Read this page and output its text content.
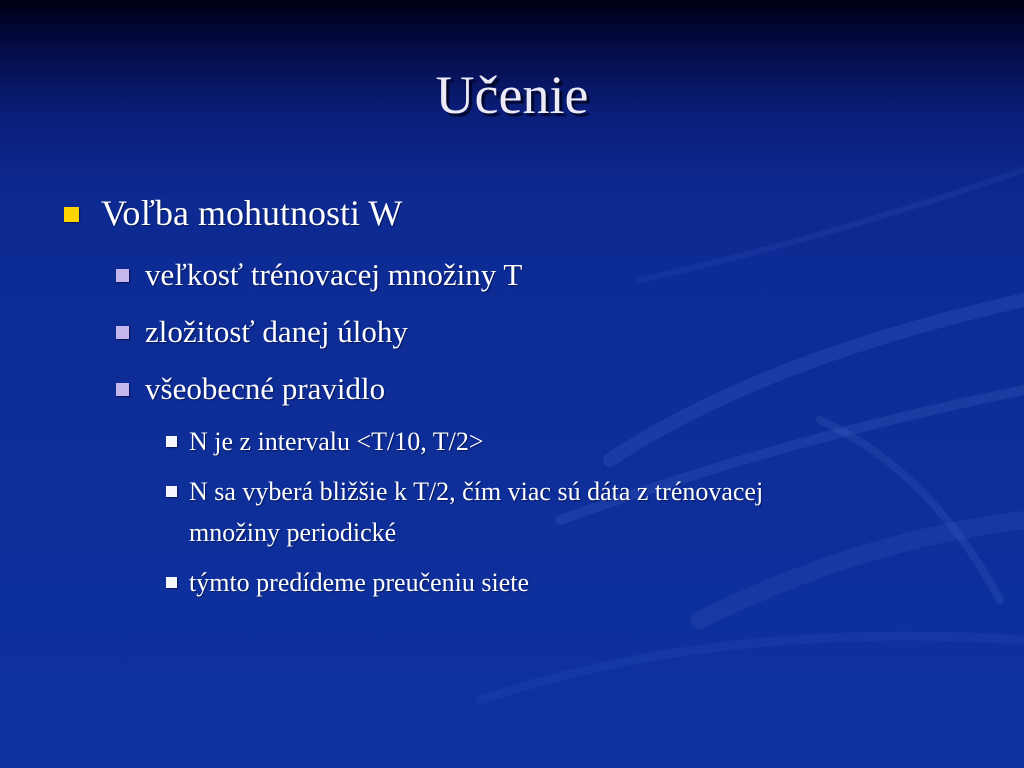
Učenie
Voľba mohutnosti W
veľkosť trénovacej množiny T
zložitosť danej úlohy
všeobecné pravidlo
N je z intervalu <T/10, T/2>
N sa vyberá bližšie k T/2, čím viac sú dáta z trénovacej
množiny periodické
týmto predídeme preučeniu siete
